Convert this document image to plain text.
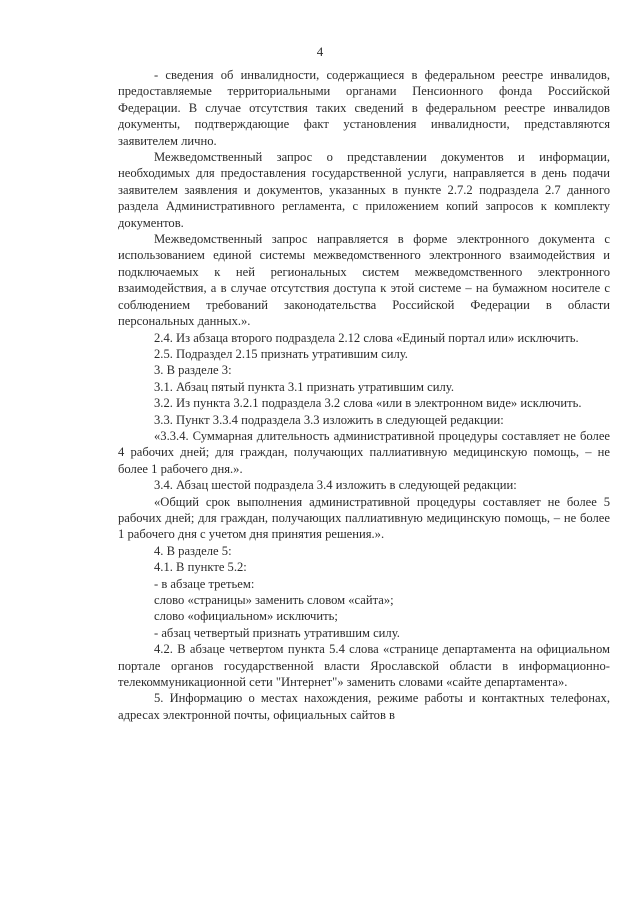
4

- сведения об инвалидности, содержащиеся в федеральном реестре инвалидов, предоставляемые территориальными органами Пенсионного фонда Российской Федерации. В случае отсутствия таких сведений в федеральном реестре инвалидов документы, подтверждающие факт установления инвалидности, представляются заявителем лично.

Межведомственный запрос о представлении документов и информации, необходимых для предоставления государственной услуги, направляется в день подачи заявителем заявления и документов, указанных в пункте 2.7.2 подраздела 2.7 данного раздела Административного регламента, с приложением копий запросов к комплекту документов.

Межведомственный запрос направляется в форме электронного документа с использованием единой системы межведомственного электронного взаимодействия и подключаемых к ней региональных систем межведомственного электронного взаимодействия, а в случае отсутствия доступа к этой системе – на бумажном носителе с соблюдением требований законодательства Российской Федерации в области персональных данных.».

2.4. Из абзаца второго подраздела 2.12 слова «Единый портал или» исключить.

2.5. Подраздел 2.15 признать утратившим силу.

3. В разделе 3:

3.1. Абзац пятый пункта 3.1 признать утратившим силу.

3.2. Из пункта 3.2.1 подраздела 3.2 слова «или в электронном виде» исключить.

3.3. Пункт 3.3.4 подраздела 3.3 изложить в следующей редакции:

«3.3.4. Суммарная длительность административной процедуры составляет не более 4 рабочих дней; для граждан, получающих паллиативную медицинскую помощь, – не более 1 рабочего дня.».

3.4. Абзац шестой подраздела 3.4 изложить в следующей редакции:

«Общий срок выполнения административной процедуры составляет не более 5 рабочих дней; для граждан, получающих паллиативную медицинскую помощь, – не более 1 рабочего дня с учетом дня принятия решения.».

4. В разделе 5:

4.1. В пункте 5.2:

- в абзаце третьем:

слово «страницы» заменить словом «сайта»;

слово «официальном» исключить;

- абзац четвертый признать утратившим силу.

4.2. В абзаце четвертом пункта 5.4 слова «странице департамента на официальном портале органов государственной власти Ярославской области в информационно-телекоммуникационной сети "Интернет"» заменить словами «сайте департамента».

5. Информацию о местах нахождения, режиме работы и контактных телефонах, адресах электронной почты, официальных сайтов в
